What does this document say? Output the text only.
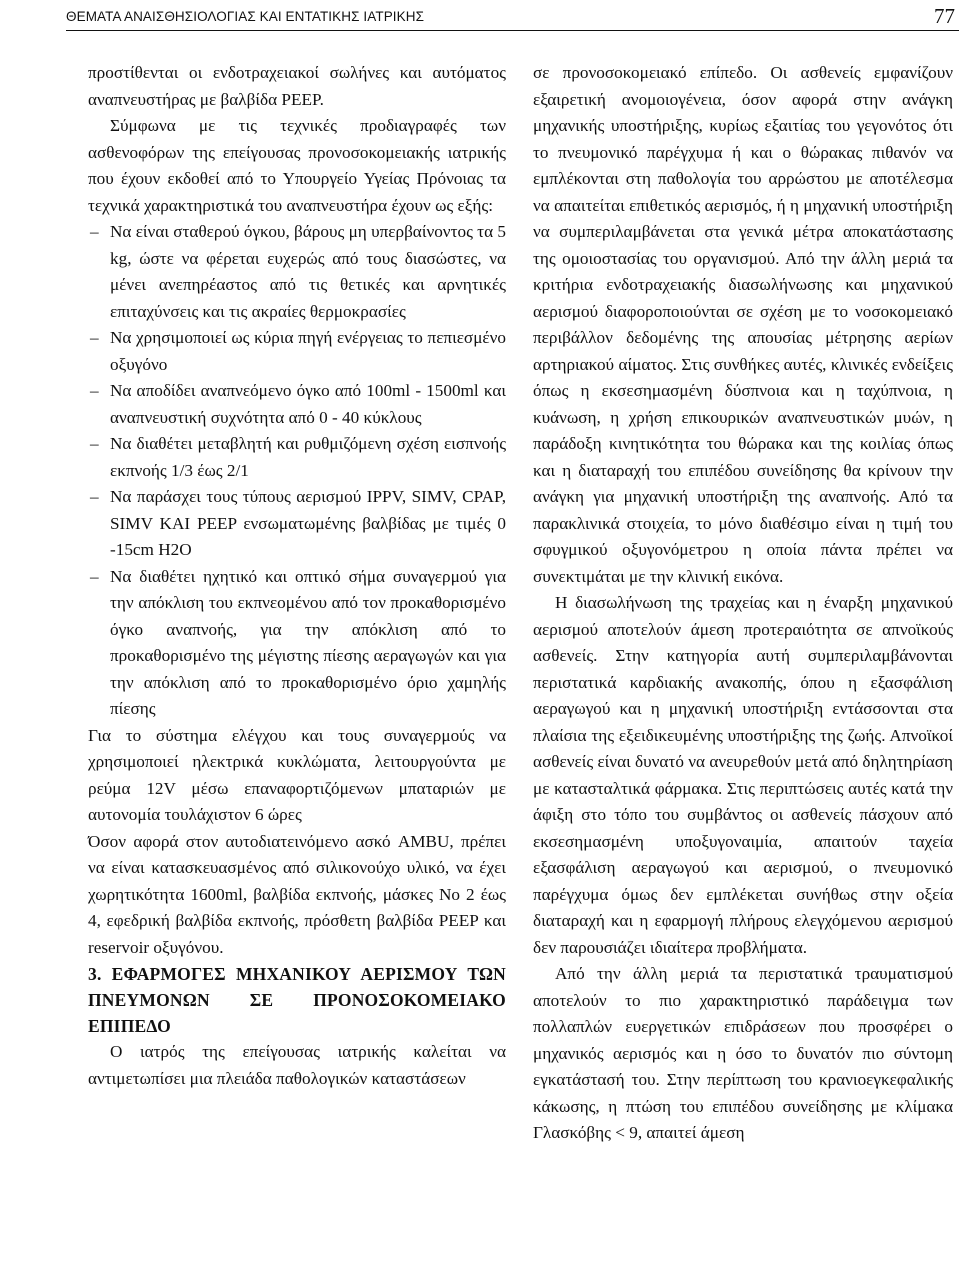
ΘΕΜΑΤΑ ΑΝΑΙΣΘΗΣΙΟΛΟΓΙΑΣ ΚΑΙ ΕΝΤΑΤΙΚΗΣ ΙΑΤΡΙΚΗΣ	77

προστίθενται οι ενδοτραχειακοί σωλήνες και αυτόματος αναπνευστήρας με βαλβίδα PEEP.

Σύμφωνα με τις τεχνικές προδιαγραφές των ασθενοφόρων της επείγουσας προνοσοκομειακής ιατρικής που έχουν εκδοθεί από το Υπουργείο Υγείας Πρόνοιας τα τεχνικά χαρακτηριστικά του αναπνευστήρα έχουν ως εξής:

– Να είναι σταθερού όγκου, βάρους μη υπερβαίνοντος τα 5 kg, ώστε να φέρεται ευχερώς από τους διασώστες, να μένει ανεπηρέαστος από τις θετικές και αρνητικές επιταχύνσεις και τις ακραίες θερμοκρασίες
– Να χρησιμοποιεί ως κύρια πηγή ενέργειας το πεπιεσμένο οξυγόνο
– Να αποδίδει αναπνεόμενο όγκο από 100ml - 1500ml και αναπνευστική συχνότητα από 0 - 40 κύκλους
– Να διαθέτει μεταβλητή και ρυθμιζόμενη σχέση εισπνοής εκπνοής 1/3 έως 2/1
– Να παράσχει τους τύπους αερισμού IPPV, SIMV, CPAP, SIMV ΚΑΙ PEEP ενσωματωμένης βαλβίδας με τιμές 0 -15cm H2O
– Να διαθέτει ηχητικό και οπτικό σήμα συναγερμού για την απόκλιση του εκπνεομένου από τον προκαθορισμένο όγκο αναπνοής, για την απόκλιση από το προκαθορισμένο της μέγιστης πίεσης αεραγωγών και για την απόκλιση από το προκαθορισμένο όριο χαμηλής πίεσης

Για το σύστημα ελέγχου και τους συναγερμούς να χρησιμοποιεί ηλεκτρικά κυκλώματα, λειτουργούντα με ρεύμα 12V μέσω επαναφορτιζόμενων μπαταριών με αυτονομία τουλάχιστον 6 ώρες

Όσον αφορά στον αυτοδιατεινόμενο ασκό AMBU, πρέπει να είναι κατασκευασμένος από σιλικονούχο υλικό, να έχει χωρητικότητα 1600ml, βαλβίδα εκπνοής, μάσκες Νο 2 έως 4, εφεδρική βαλβίδα εκπνοής, πρόσθετη βαλβίδα PEEP και reservoir οξυγόνου.

3. ΕΦΑΡΜΟΓΕΣ ΜΗΧΑΝΙΚΟΥ ΑΕΡΙΣΜΟΥ ΤΩΝ ΠΝΕΥΜΟΝΩΝ ΣΕ ΠΡΟΝΟΣΟΚΟΜΕΙΑΚΟ ΕΠΙΠΕΔΟ

Ο ιατρός της επείγουσας ιατρικής καλείται να αντιμετωπίσει μια πλειάδα παθολογικών καταστάσεων

σε προνοσοκομειακό επίπεδο. Οι ασθενείς εμφανίζουν εξαιρετική ανομοιογένεια, όσον αφορά στην ανάγκη μηχανικής υποστήριξης, κυρίως εξαιτίας του γεγονότος ότι το πνευμονικό παρέγχυμα ή και ο θώρακας πιθανόν να εμπλέκονται στη παθολογία του αρρώστου με αποτέλεσμα να απαιτείται επιθετικός αερισμός, ή η μηχανική υποστήριξη να συμπεριλαμβάνεται στα γενικά μέτρα αποκατάστασης της ομοιοστασίας του οργανισμού. Από την άλλη μεριά τα κριτήρια ενδοτραχειακής διασωλήνωσης και μηχανικού αερισμού διαφοροποιούνται σε σχέση με το νοσοκομειακό περιβάλλον δεδομένης της απουσίας μέτρησης αερίων αρτηριακού αίματος. Στις συνθήκες αυτές, κλινικές ενδείξεις όπως η εκσεσημασμένη δύσπνοια και η ταχύπνοια, η κυάνωση, η χρήση επικουρικών αναπνευστικών μυών, η παράδοξη κινητικότητα του θώρακα και της κοιλίας όπως και η διαταραχή του επιπέδου συνείδησης θα κρίνουν την ανάγκη για μηχανική υποστήριξη της αναπνοής. Από τα παρακλινικά στοιχεία, το μόνο διαθέσιμο είναι η τιμή του σφυγμικού οξυγονόμετρου η οποία πάντα πρέπει να συνεκτιμάται με την κλινική εικόνα.

Η διασωλήνωση της τραχείας και η έναρξη μηχανικού αερισμού αποτελούν άμεση προτεραιότητα σε απνοϊκούς ασθενείς. Στην κατηγορία αυτή συμπεριλαμβάνονται περιστατικά καρδιακής ανακοπής, όπου η εξασφάλιση αεραγωγού και η μηχανική υποστήριξη εντάσσονται στα πλαίσια της εξειδικευμένης υποστήριξης της ζωής. Απνοϊκοί ασθενείς είναι δυνατό να ανευρεθούν μετά από δηλητηρίαση με κατασταλτικά φάρμακα. Στις περιπτώσεις αυτές κατά την άφιξη στο τόπο του συμβάντος οι ασθενείς πάσχουν από εκσεσημασμένη υποξυγοναιμία, απαιτούν ταχεία εξασφάλιση αεραγωγού και αερισμού, ο πνευμονικό παρέγχυμα όμως δεν εμπλέκεται συνήθως στην οξεία διαταραχή και η εφαρμογή πλήρους ελεγχόμενου αερισμού δεν παρουσιάζει ιδιαίτερα προβλήματα.

Από την άλλη μεριά τα περιστατικά τραυματισμού αποτελούν το πιο χαρακτηριστικό παράδειγμα των πολλαπλών ευεργετικών επιδράσεων που προσφέρει ο μηχανικός αερισμός και η όσο το δυνατόν πιο σύντομη εγκατάστασή του. Στην περίπτωση του κρανιοεγκεφαλικής κάκωσης, η πτώση του επιπέδου συνείδησης με κλίμακα Γλασκόβης < 9, απαιτεί άμεση
